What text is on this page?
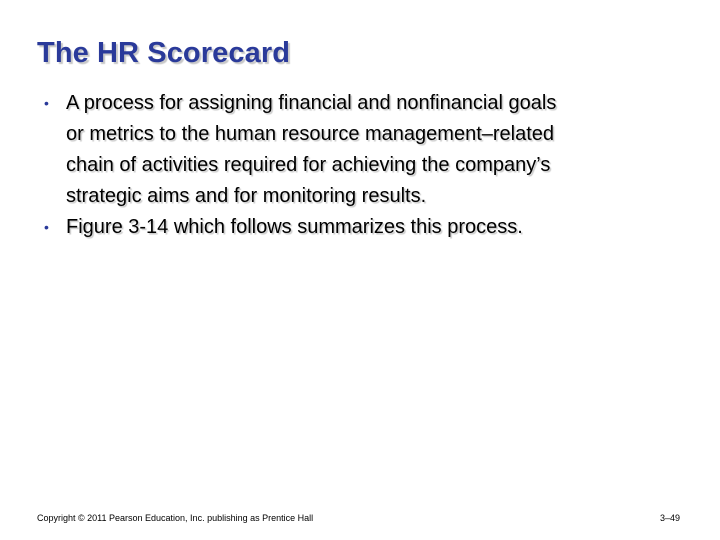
The HR Scorecard
• A process for assigning financial and nonfinancial goals
or metrics to the human resource management–related
chain of activities required for achieving the company’s
strategic aims and for monitoring results.
• Figure 3-14 which follows summarizes this process.
Copyright © 2011 Pearson Education, Inc. publishing as Prentice Hall	3–49
